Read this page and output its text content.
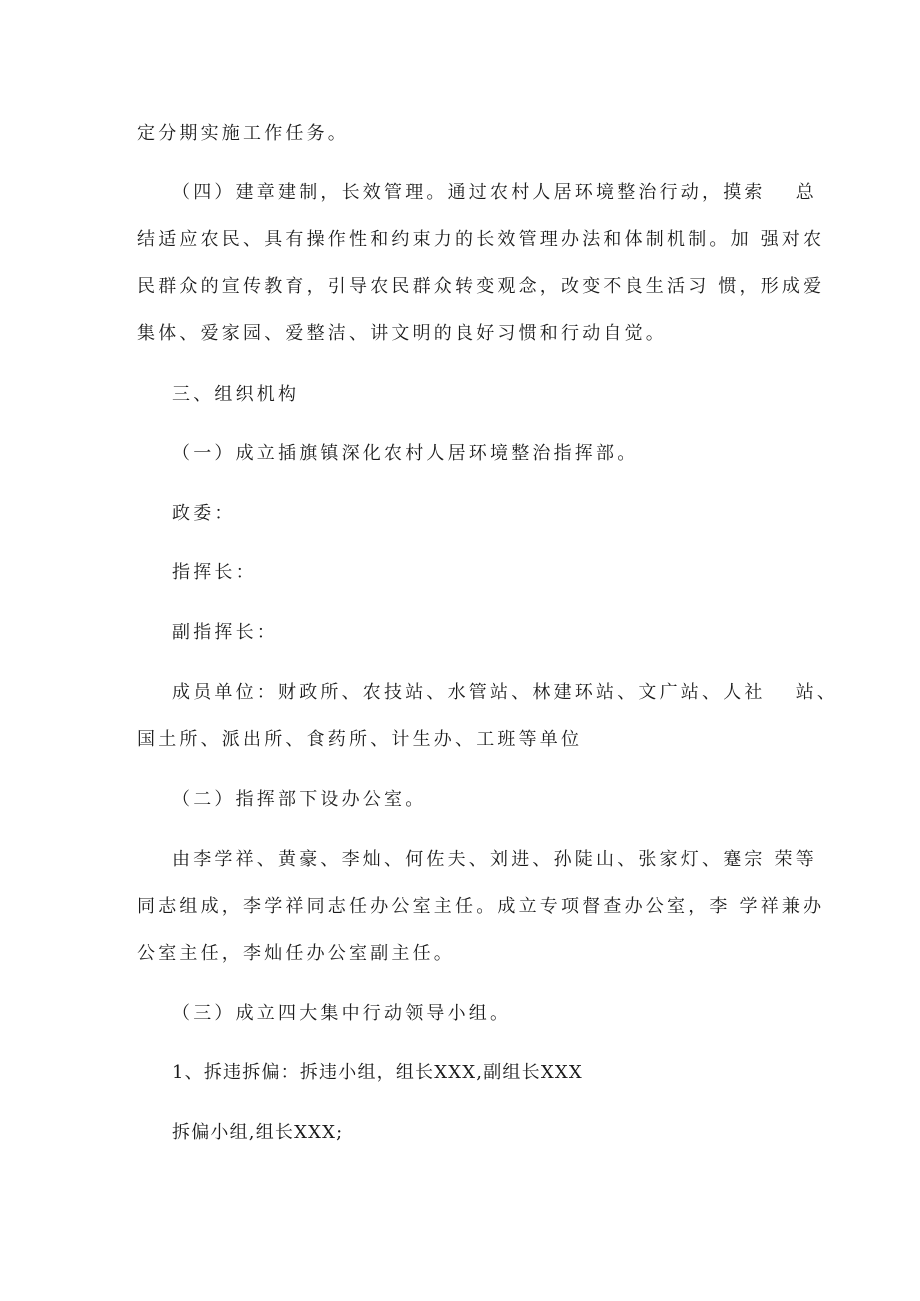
定分期实施工作任务。
（四）建章建制，长效管理。通过农村人居环境整治行动，摸索　 总
结适应农民、具有操作性和约束力的长效管理办法和体制机制。加 强对农
民群众的宣传教育，引导农民群众转变观念，改变不良生活习 惯，形成爱
集体、爱家园、爱整洁、讲文明的良好习惯和行动自觉。
三、组织机构
（一）成立插旗镇深化农村人居环境整治指挥部。
政委：
指挥长：
副指挥长：
成员单位：财政所、农技站、水管站、林建环站、文广站、人社　 站、
国土所、派出所、食药所、计生办、工班等单位
（二）指挥部下设办公室。
由李学祥、黄豪、李灿、何佐夫、刘进、孙陡山、张家灯、蹇宗 荣等
同志组成，李学祥同志任办公室主任。成立专项督查办公室，李 学祥兼办
公室主任，李灿任办公室副主任。
（三）成立四大集中行动领导小组。
1、拆违拆偏：拆违小组，组长XXX,副组长XXX
拆偏小组,组长XXX;
